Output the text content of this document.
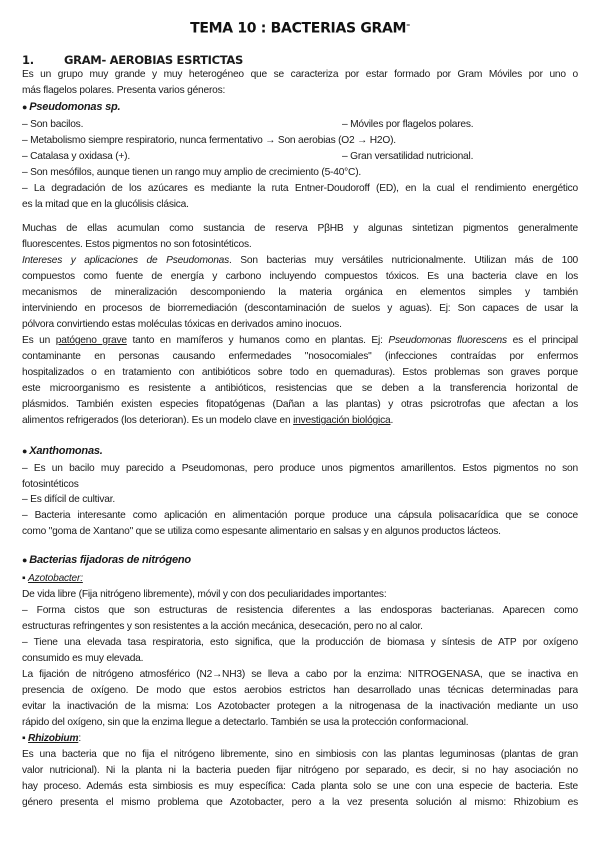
TEMA 10 : BACTERIAS GRAM–
1.	GRAM- AEROBIAS ESRTICTAS
Es un grupo muy grande y muy heterogéneo que se caracteriza por estar formado por Gram Móviles por uno o
más flagelos polares. Presenta varios géneros:
● Pseudomonas sp.
– Son bacilos.	– Móviles por flagelos polares.
– Metabolismo siempre respiratorio, nunca fermentativo → Son aerobias (O2 → H2O).
– Catalasa y oxidasa (+).	– Gran versatilidad nutricional.
– Son mesófilos, aunque tienen un rango muy amplio de crecimiento (5-40°C).
– La degradación de los azúcares es mediante la ruta Entner-Doudoroff (ED), en la cual el rendimiento energético
es la mitad que en la glucólisis clásica.
Muchas de ellas acumulan como sustancia de reserva PβHB y algunas sintetizan pigmentos generalmente
fluorescentes. Estos pigmentos no son fotosintéticos.
Intereses y aplicaciones de Pseudomonas. Son bacterias muy versátiles nutricionalmente. Utilizan más de 100
compuestos como fuente de energía y carbono incluyendo compuestos tóxicos. Es una bacteria clave en los
mecanismos de mineralización descomponiendo la materia orgánica en elementos simples y también
interviniendo en procesos de biorremediación (descontaminación de suelos y aguas). Ej: Son capaces de usar la
pólvora convirtiendo estas moléculas tóxicas en derivados amino inocuos.
Es un patógeno grave tanto en mamíferos y humanos como en plantas. Ej: Pseudomonas fluorescens es el principal
contaminante en personas causando enfermedades "nosocomiales" (infecciones contraídas por enfermos
hospitalizados o en tratamiento con antibióticos sobre todo en quemaduras). Estos problemas son graves porque
este microorganismo es resistente a antibióticos, resistencias que se deben a la transferencia horizontal de
plásmidos. También existen especies fitopatógenas (Dañan a las plantas) y otras psicrotrofas que afectan a los
alimentos refrigerados (los deterioran). Es un modelo clave en investigación biológica.
● Xanthomonas.
– Es un bacilo muy parecido a Pseudomonas, pero produce unos pigmentos amarillentos. Estos pigmentos no son
fotosintéticos
– Es difícil de cultivar.
– Bacteria interesante como aplicación en alimentación porque produce una cápsula polisacarídica que se conoce
como "goma de Xantano" que se utiliza como espesante alimentario en salsas y en algunos productos lácteos.
● Bacterias fijadoras de nitrógeno
▪ Azotobacter:
De vida libre (Fija nitrógeno libremente), móvil y con dos peculiaridades importantes:
– Forma cistos que son estructuras de resistencia diferentes a las endosporas bacterianas. Aparecen como
estructuras refringentes y son resistentes a la acción mecánica, desecación, pero no al calor.
– Tiene una elevada tasa respiratoria, esto significa, que la producción de biomasa y síntesis de ATP por oxígeno
consumido es muy elevada.
La fijación de nitrógeno atmosférico (N2→NH3) se lleva a cabo por la enzima: NITROGENASA, que se inactiva en
presencia de oxígeno. De modo que estos aerobios estrictos han desarrollado unas técnicas determinadas para
evitar la inactivación de la misma: Los Azotobacter protegen a la nitrogenasa de la inactivación mediante un uso
rápido del oxígeno, sin que la enzima llegue a detectarlo. También se usa la protección conformacional.
▪ Rhizobium:
Es una bacteria que no fija el nitrógeno libremente, sino en simbiosis con las plantas leguminosas (plantas de gran
valor nutricional). Ni la planta ni la bacteria pueden fijar nitrógeno por separado, es decir, si no hay asociación no
hay proceso. Además esta simbiosis es muy específica: Cada planta solo se une con una especie de bacteria. Este
género presenta el mismo problema que Azotobacter, pero a la vez presenta solución al mismo: Rhizobium es
